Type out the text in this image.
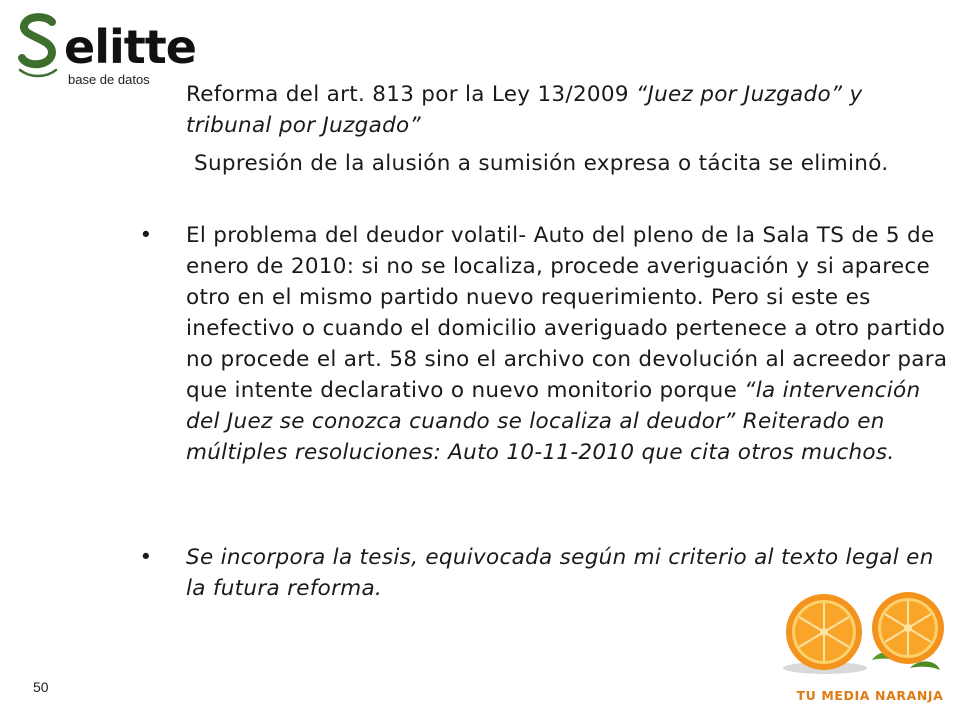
elitte
base de datos
Reforma del art. 813 por la Ley 13/2009 “Juez por Juzgado” y tribunal por Juzgado”
Supresión de la alusión a sumisión expresa o tácita se eliminó.
• El problema del deudor volatil- Auto del pleno de la Sala TS de 5 de enero de 2010: si no se localiza, procede averiguación y si aparece otro en el mismo partido nuevo requerimiento. Pero si este es inefectivo o cuando el domicilio averiguado pertenece a otro partido no procede el art. 58 sino el archivo con devolución al acreedor para que intente declarativo o nuevo monitorio porque “la intervención del Juez se conozca cuando se localiza al deudor” Reiterado en múltiples resoluciones: Auto 10-11-2010 que cita otros muchos.
• Se incorpora la tesis, equivocada según mi criterio al texto legal en la futura reforma.
50
TU MEDIA NARANJA
